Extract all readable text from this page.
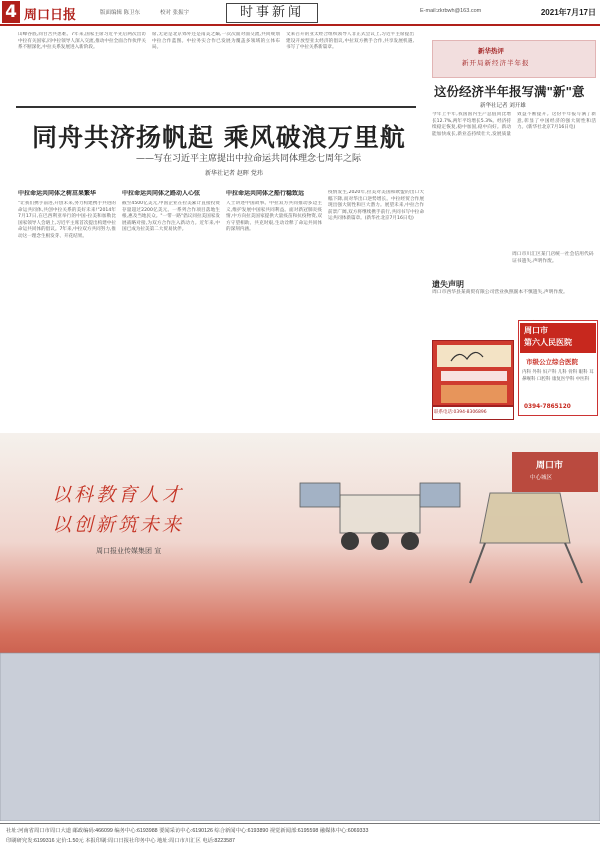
4 周口日报	版面编辑 陈卫东	校对 张振宇	时事新闻	E-mail:zkrbwh@163.com	2021年7月17日
山峰谷底,同甘苦共患难。7年来,国家主席习近平先后两次出访中拉有关国家,同中拉领导人深入交流,推动中拉全面合作伙伴关系不断深化,中拉关系发展进入新阶段。
席,无论是北京郊外还是南美之巅,一次次面对面交流,共同规划中拉合作蓝图。中拉务实合作已发展为覆盖多领域的立体布局。
文莱召开的亚太经合组织领导人非正式会议上,习近平主席提出建设开放型亚太经济的倡议,中拉双方携手合作,共享发展机遇,书写了中拉关系新篇章。
同舟共济扬帆起 乘风破浪万里航
——写在习近平主席提出中拉命运共同体理念七周年之际
新华社记者 赵晖 党玮
中拉命运共同体之树茁果繁华
"让我们携手前进,开创未来,努力构建携手共进的命运共同体,共创中拉关系的美好未来!"2014年7月17日,在巴西利亚举行的中国-拉美和加勒比国家领导人会晤上,习近平主席首次提出构建中拉命运共同体的倡议。7年来,中拉双方共同努力,推动这一理念生根发芽、开花结果。
中拉命运共同体之路动人心弦
截至4500亿美元,中国企业在拉美累计直接投资存量超过2200亿美元。一系列合作项目落地生根,惠及当地民众。"一带一路"倡议同拉美国家发展战略对接,为双方合作注入新动力。近年来,中国已成为拉美第二大贸易伙伴。
中拉命运共同体之船行稳致远
人士讲述中国故事。中拉双方共同推动多边主义,维护发展中国家共同利益。面对新冠肺炎疫情,中方向拉美国家提供大量疫苗和抗疫物资,双方守望相助、共克时艰,生动诠释了命运共同体的深刻内涵。
疫情发生,2020年,拉美对美国和欧盟的出口大幅下降,而对华出口逆势增长。中拉经贸合作展现出强大韧性和巨大潜力。展望未来,中拉合作前景广阔,双方将继续携手前行,共同书写中拉命运共同体新篇章。(新华社北京7月16日电)
新华热评
新开局新经济半年报
这份经济半年报写满"新"意
新华社记者 刘开雄
今年上半年,我国国内生产总值同比增长12.7%,两年平均增长5.3%。经济持续稳定恢复,稳中加固,稳中向好。新动能加快成长,新业态持续壮大,发展质量效益不断提升。这份半年报写满了新意,彰显了中国经济的强大韧性和活力。(新华社北京7月16日电)
遗失声明
周口市西华县某商贸有限公司营业执照副本不慎遗失,声明作废。
周口市川汇区某门店统一社会信用代码证书遗失,声明作废。
联系电话:0394-8306896
周口市
第六人民医院
市级公立综合医院
内科 外科 妇产科 儿科 骨科 眼科 耳鼻喉科 口腔科 康复医学科 中医科
0394-7865120
以科教育人才
以创新筑未来
周口报业传媒集团 宣
周口市
中心城区
社址:河南省周口市周口大道 邮政编码:466099 编务中心:6193988 要闻采访中心:6190126 综合新闻中心:6193890 视觉新闻部:6195598 融媒体中心:6069333
印刷研究发:6199316 定价:1.50元 本报印刷:周口日报社印务中心 地址:周口市川汇区 电话:8223587
